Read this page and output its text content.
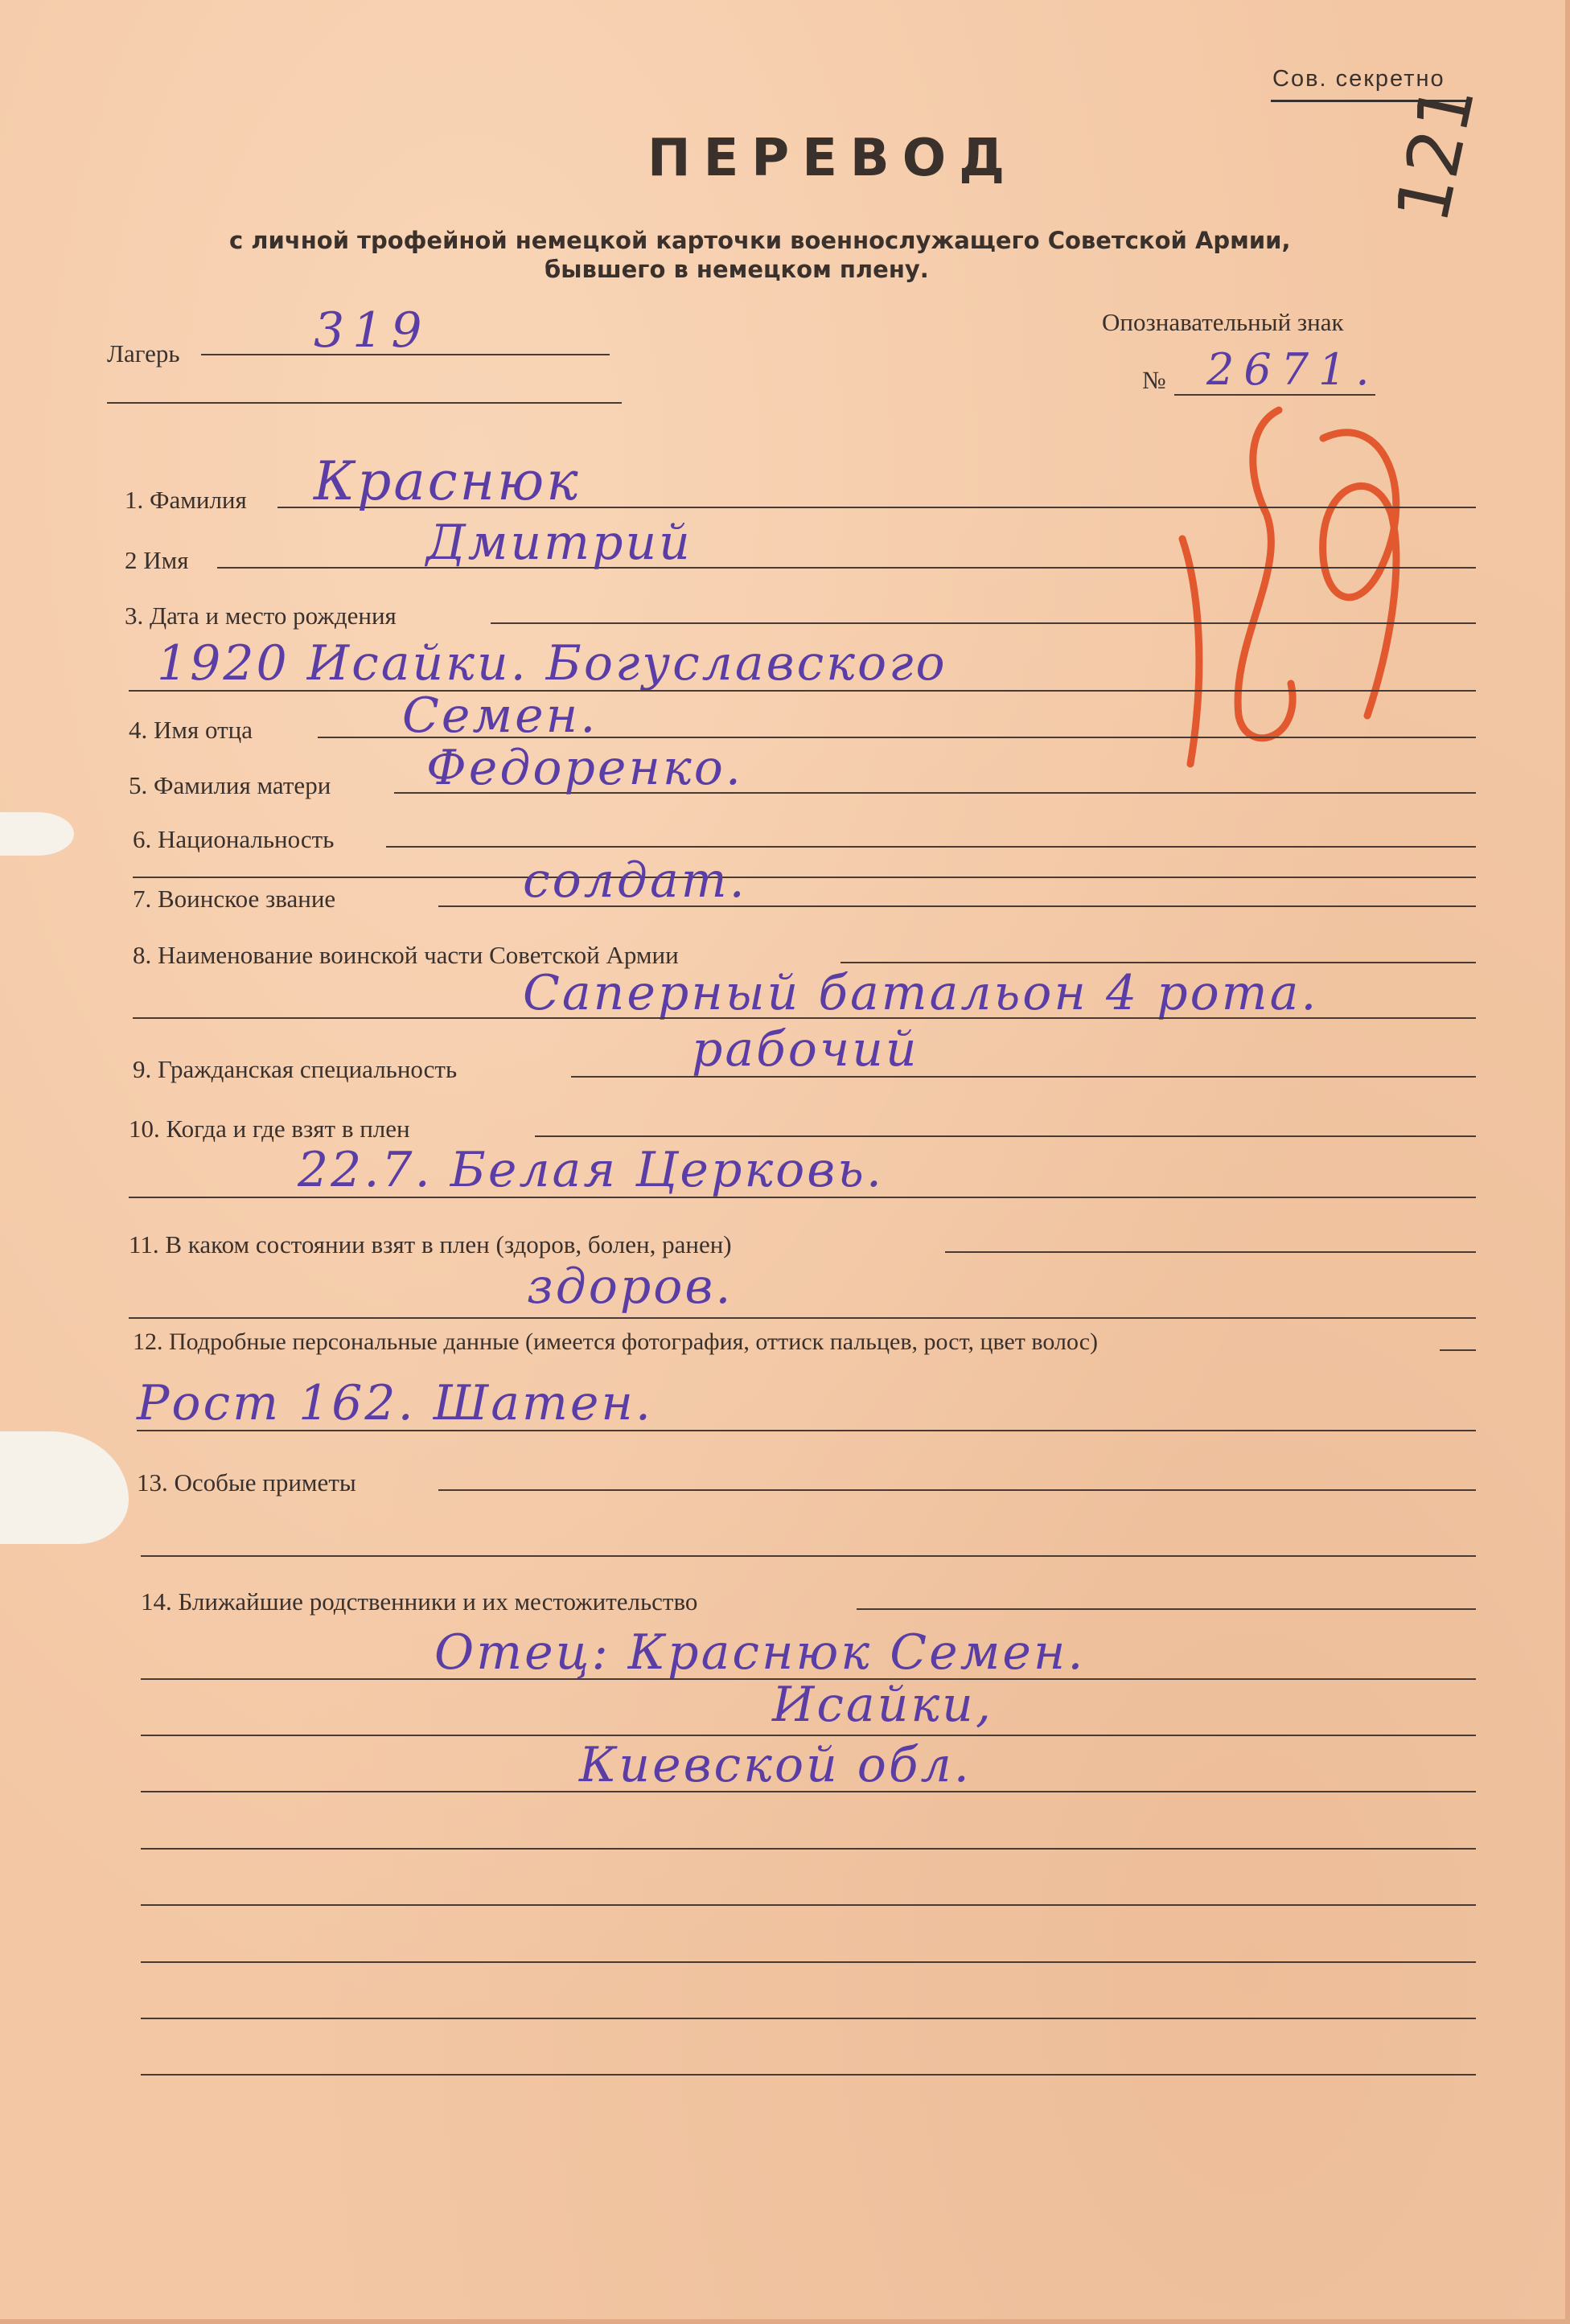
Сов. секретно
ПЕРЕВОД
с личной трофейной немецкой карточки военнослужащего Советской Армии,
бывшего в немецком плену.
121
Лагерь	319	Опознавательный знак
№ 2671.
1. Фамилия Краснюк
2 Имя	Дмитрий
3. Дата и место рождения
1920 Исайки. Богуславского
4. Имя отца	Семен.
5. Фамилия матери Федоренко.
6. Национальность
7. Воинское звание	солдат.
8. Наименование воинской части Советской Армии
Саперный батальон 4 рота.
9. Гражданская специальность	рабочий
10. Когда и где взят в плен
22.7. Белая Церковь.
11. В каком состоянии взят в плен (здоров, болен, ранен)
здоров.
12. Подробные персональные данные (имеется фотография, оттиск пальцев, рост, цвет волос)
Рост 162. Шатен.
13. Особые приметы
14. Ближайшие родственники и их местожительство
Отец: Краснюк Семен.
Исайки,
Киевской обл.
